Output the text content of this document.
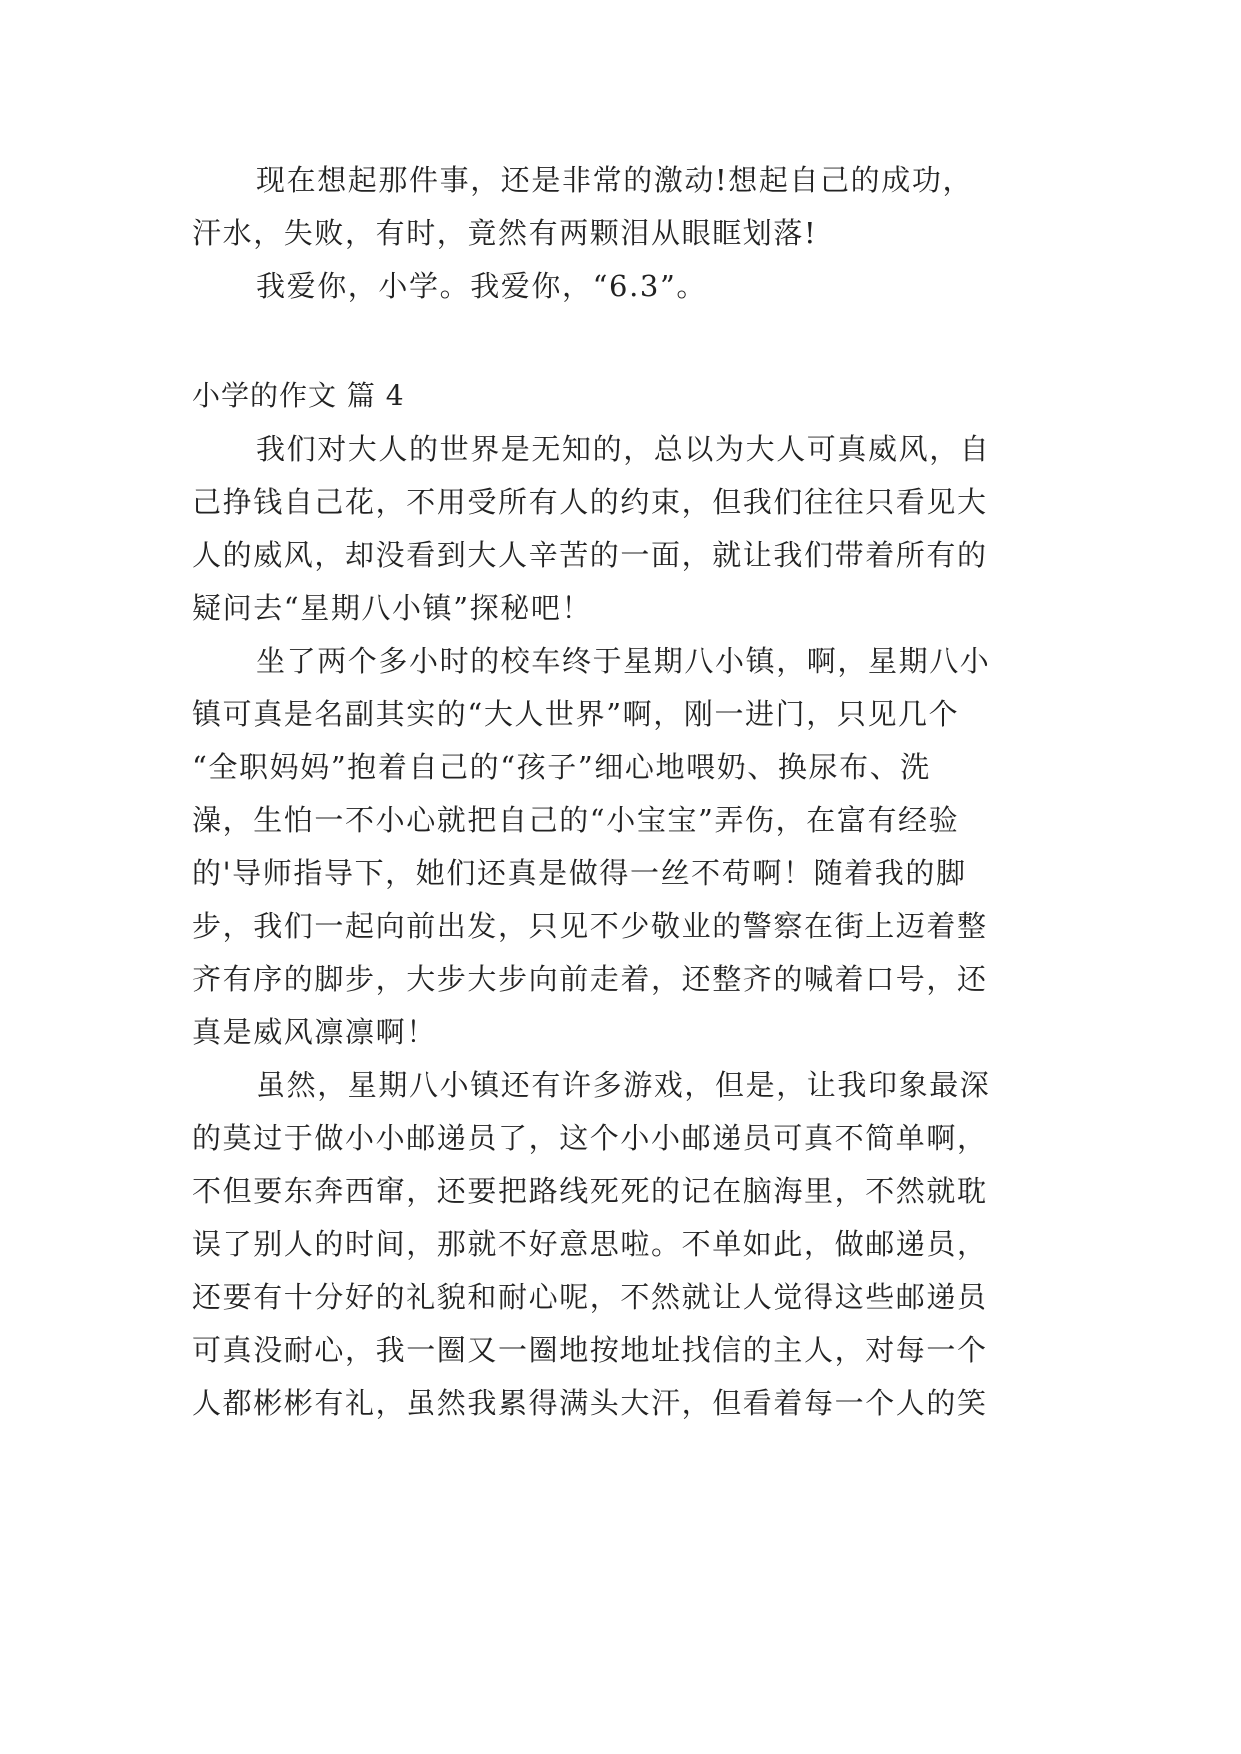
现在想起那件事，还是非常的激动!想起自己的成功，
汗水，失败，有时，竟然有两颗泪从眼眶划落!
我爱你，小学。我爱你，“6.3”。
小学的作文 篇 4
我们对大人的世界是无知的，总以为大人可真威风，自
己挣钱自己花，不用受所有人的约束，但我们往往只看见大
人的威风，却没看到大人辛苦的一面，就让我们带着所有的
疑问去“星期八小镇”探秘吧！
坐了两个多小时的校车终于星期八小镇，啊，星期八小
镇可真是名副其实的“大人世界”啊，刚一进门，只见几个
“全职妈妈”抱着自己的“孩子”细心地喂奶、换尿布、洗
澡，生怕一不小心就把自己的“小宝宝”弄伤，在富有经验
的'导师指导下，她们还真是做得一丝不苟啊！随着我的脚
步，我们一起向前出发，只见不少敬业的警察在街上迈着整
齐有序的脚步，大步大步向前走着，还整齐的喊着口号，还
真是威风凛凛啊！
虽然，星期八小镇还有许多游戏，但是，让我印象最深
的莫过于做小小邮递员了，这个小小邮递员可真不简单啊，
不但要东奔西窜，还要把路线死死的记在脑海里，不然就耽
误了别人的时间，那就不好意思啦。不单如此，做邮递员，
还要有十分好的礼貌和耐心呢，不然就让人觉得这些邮递员
可真没耐心，我一圈又一圈地按地址找信的主人，对每一个
人都彬彬有礼，虽然我累得满头大汗，但看着每一个人的笑
